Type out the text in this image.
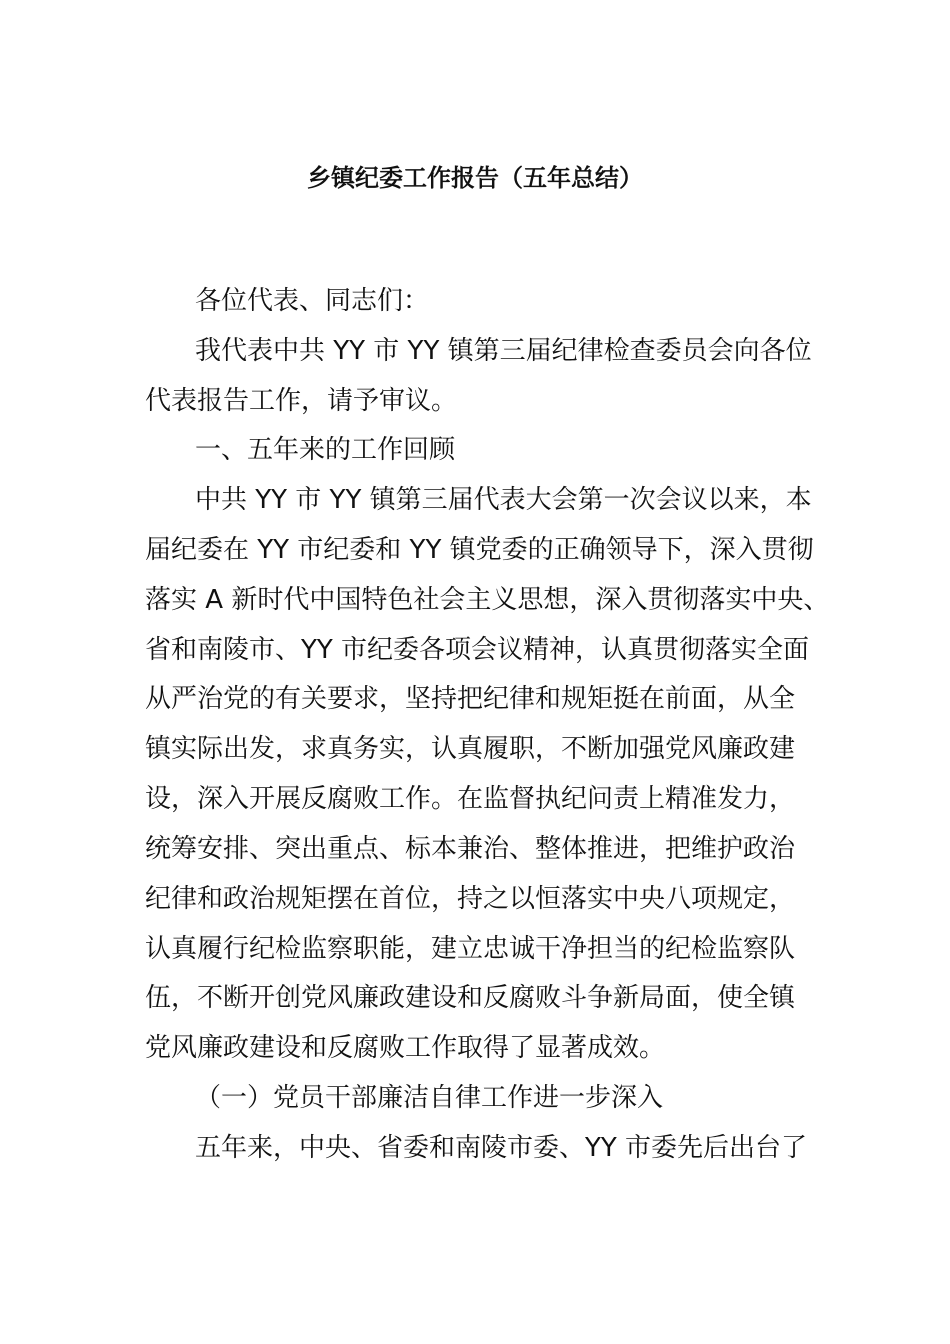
乡镇纪委工作报告（五年总结）
各位代表、同志们：
我代表中共 YY 市 YY 镇第三届纪律检查委员会向各位
代表报告工作，请予审议。
一、五年来的工作回顾
中共 YY 市 YY 镇第三届代表大会第一次会议以来，本
届纪委在 YY 市纪委和 YY 镇党委的正确领导下，深入贯彻
落实 A 新时代中国特色社会主义思想，深入贯彻落实中央、
省和南陵市、YY 市纪委各项会议精神，认真贯彻落实全面
从严治党的有关要求，坚持把纪律和规矩挺在前面，从全
镇实际出发，求真务实，认真履职，不断加强党风廉政建
设，深入开展反腐败工作。在监督执纪问责上精准发力，
统筹安排、突出重点、标本兼治、整体推进，把维护政治
纪律和政治规矩摆在首位，持之以恒落实中央八项规定，
认真履行纪检监察职能，建立忠诚干净担当的纪检监察队
伍，不断开创党风廉政建设和反腐败斗争新局面，使全镇
党风廉政建设和反腐败工作取得了显著成效。
（一）党员干部廉洁自律工作进一步深入
五年来，中央、省委和南陵市委、YY 市委先后出台了
